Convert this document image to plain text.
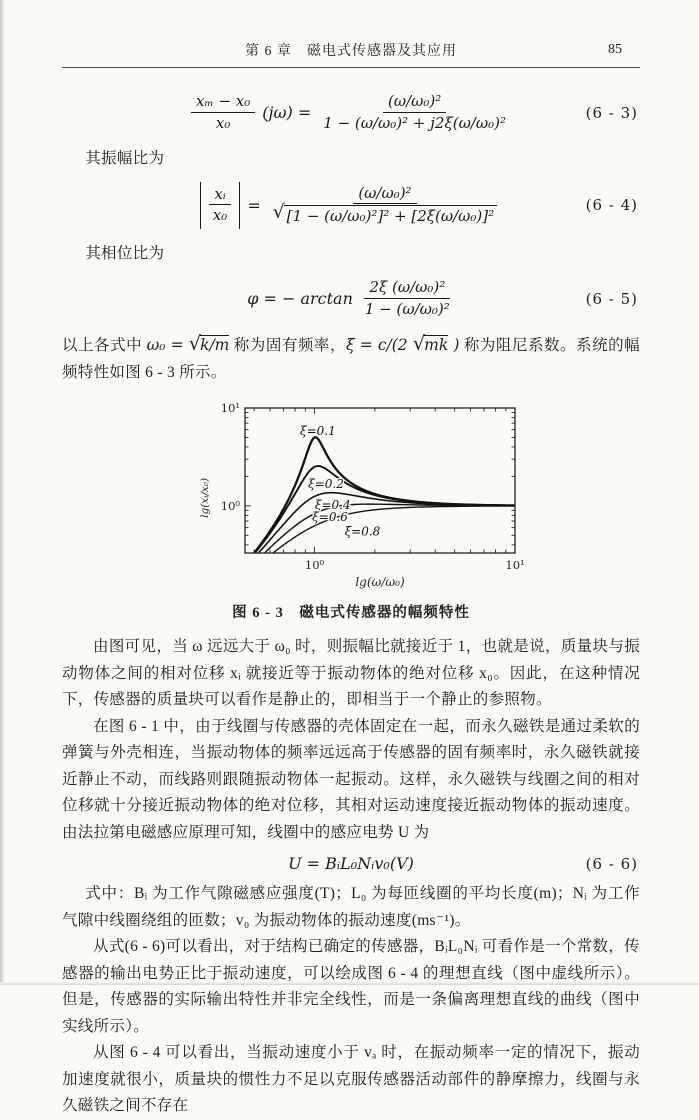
第 6 章　磁电式传感器及其应用	85
$\frac{\text{xₘ − x₀}}{\text{x₀}} (j\omega) = \frac{\text{(ω/ω₀)²}}{\text{1 − (ω/ω₀)² + j2ξ(ω/ω₀)²}}$	(6 - 3)
其振幅比为
$\frac{\text{xᵢ}}{\text{x₀}} = \frac{\text{(ω/ω₀)²}}{\text{√ [1 − (ω/ω₀)²]² + [2ξ(ω/ω₀)]²}}$	(6 - 4)
其相位比为
φ = − $\arctan \frac{\text{2ξ (ω/ω₀)²}}{\text{1 − (ω/ω₀)²}}$	(6 - 5)
以上各式中 ω₀ = √k/m 称为固有频率，ξ = c/(2 √mk ) 称为阻尼系数。系统的幅频特性如图 6 - 3 所示。
10⁰	10¹
10⁰
10¹
lg(ω/ω₀)
lg(xᵢ/x₀)
ξ=0.1
ξ=0.2
ξ=0.4
ξ=0.6
ξ=0.8
图 6 - 3　磁电式传感器的幅频特性
由图可见，当 ω 远远大于 ω₀ 时，则振幅比就接近于 1，也就是说，质量块与振动物体之间的相对位移 xᵢ 就接近等于振动物体的绝对位移 x₀。因此，在这种情况下，传感器的质量块可以看作是静止的，即相当于一个静止的参照物。
在图 6 - 1 中，由于线圈与传感器的壳体固定在一起，而永久磁铁是通过柔软的弹簧与外壳相连，当振动物体的频率远远高于传感器的固有频率时，永久磁铁就接近静止不动，而线路则跟随振动物体一起振动。这样，永久磁铁与线圈之间的相对位移就十分接近振动物体的绝对位移，其相对运动速度接近振动物体的振动速度。由法拉第电磁感应原理可知，线圈中的感应电势 U 为
U = BᵢL₀Nᵢv₀(V)	(6 - 6)
式中：Bᵢ 为工作气隙磁感应强度(T)；L₀ 为每匝线圈的平均长度(m)；Nᵢ 为工作气隙中线圈绕组的匝数；v₀ 为振动物体的振动速度(ms⁻¹)。
从式(6 - 6)可以看出，对于结构已确定的传感器，BᵢL₀Nᵢ 可看作是一个常数，传感器的输出电势正比于振动速度，可以绘成图 6 - 4 的理想直线（图中虚线所示）。但是，传感器的实际输出特性并非完全线性，而是一条偏离理想直线的曲线（图中实线所示）。
从图 6 - 4 可以看出，当振动速度小于 vₐ 时，在振动频率一定的情况下，振动加速度就很小，质量块的惯性力不足以克服传感器活动部件的静摩擦力，线圈与永久磁铁之间不存在
